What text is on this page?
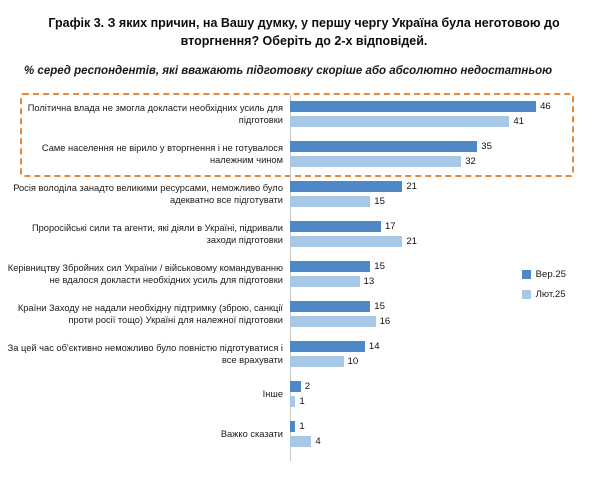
Графік 3. З яких причин, на Вашу думку, у першу чергу Україна була неготовою до вторгнення? Оберіть до 2-х відповідей.
% серед респондентів, які вважають підготовку скоріше або абсолютно недостатньою
Політична влада не змогла докласти необхідних усиль для підготовки
46
41
Саме населення не вірило у вторгнення і не готувалося належним чином
35
32
Росія володіла занадто великими ресурсами, неможливо було адекватно все підготувати
21
15
Проросійські сили та агенти, які діяли в Україні, підривали заходи підготовки
17
21
Керівництву Збройних сил України / військовому командуванню не вдалося докласти необхідних усиль для підготовки
15
13
Країни Заходу не надали необхідну підтримку (зброю, санкції проти росії тощо) Україні для належної підготовки
15
16
За цей час об'єктивно неможливо було повністю підготуватися і все врахувати
14
10
Інше
2
1
Важко сказати
1
4
Вер.25
Лют.25
